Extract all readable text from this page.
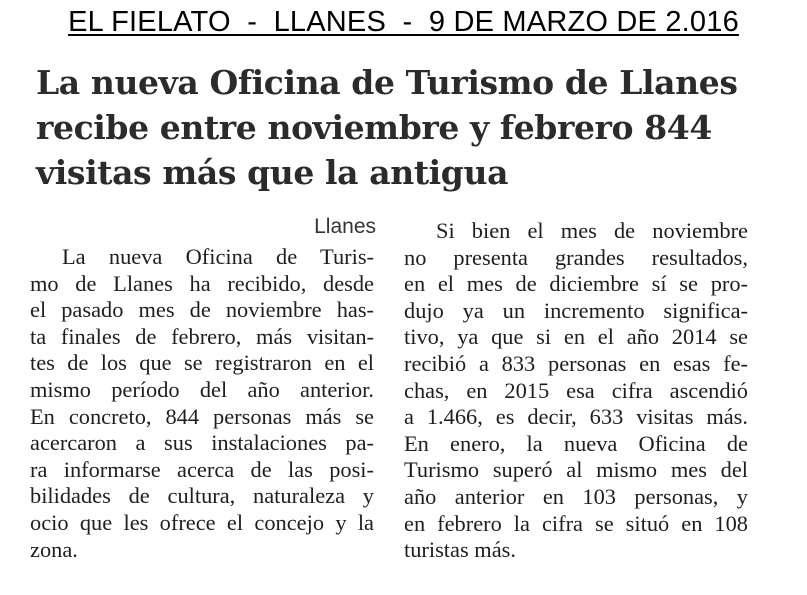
EL FIELATO  -  LLANES  -  9 DE MARZO DE 2.016
La nueva Oficina de Turismo de Llanes
recibe entre noviembre y febrero 844
visitas más que la antigua
Llanes
La nueva Oficina de Turis-
mo de Llanes ha recibido, desde
el pasado mes de noviembre has-
ta finales de febrero, más visitan-
tes de los que se registraron en el
mismo período del año anterior.
En concreto, 844 personas más se
acercaron a sus instalaciones pa-
ra informarse acerca de las posi-
bilidades de cultura, naturaleza y
ocio que les ofrece el concejo y la
zona.
Si bien el mes de noviembre
no presenta grandes resultados,
en el mes de diciembre sí se pro-
dujo ya un incremento significa-
tivo, ya que si en el año 2014 se
recibió a 833 personas en esas fe-
chas, en 2015 esa cifra ascendió
a 1.466, es decir, 633 visitas más.
En enero, la nueva Oficina de
Turismo superó al mismo mes del
año anterior en 103 personas, y
en febrero la cifra se situó en 108
turistas más.
